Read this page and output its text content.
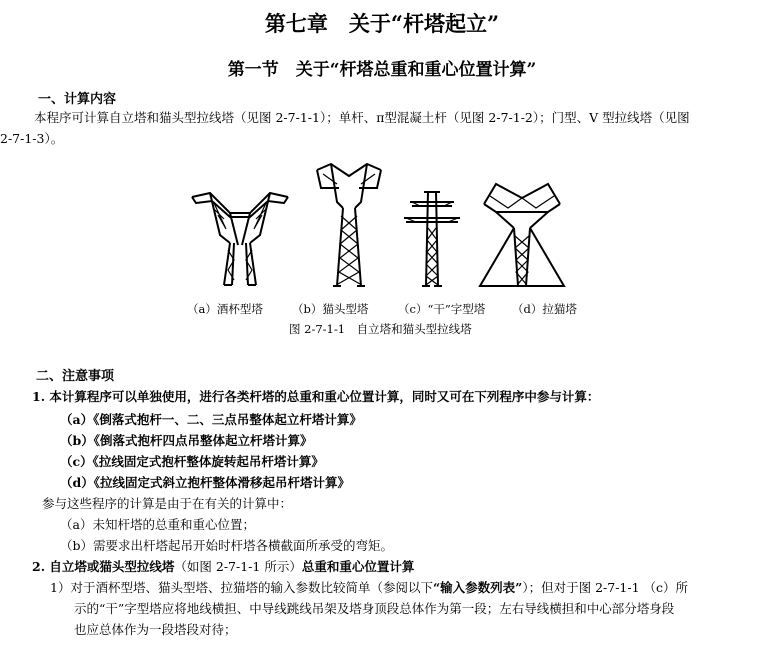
第七章　关于“杆塔起立”
第一节　关于“杆塔总重和重心位置计算”
一、计算内容
本程序可计算自立塔和猫头型拉线塔（见图 2-7-1-1）；单杆、π型混凝土杆（见图 2-7-1-2）；门型、V 型拉线塔（见图
2-7-1-3）。
（a）酒杯型塔	（b）猫头型塔	（c）“干”字型塔 （d）拉猫塔
图 2-7-1-1　自立塔和猫头型拉线塔
二、注意事项
1. 本计算程序可以单独使用，进行各类杆塔的总重和重心位置计算，同时又可在下列程序中参与计算：
（a）《倒落式抱杆一、二、三点吊整体起立杆塔计算》
（b）《倒落式抱杆四点吊整体起立杆塔计算》
（c）《拉线固定式抱杆整体旋转起吊杆塔计算》
（d）《拉线固定式斜立抱杆整体滑移起吊杆塔计算》
参与这些程序的计算是由于在有关的计算中：
（a）未知杆塔的总重和重心位置；
（b）需要求出杆塔起吊开始时杆塔各横截面所承受的弯矩。
2. 自立塔或猫头型拉线塔（如图 2-7-1-1 所示）总重和重心位置计算
1）对于酒杯型塔、猫头型塔、拉猫塔的输入参数比较简单（参阅以下“输入参数列表”）；但对于图 2-7-1-1 （c）所
示的“干”字型塔应将地线横担、中导线跳线吊架及塔身顶段总体作为第一段；左右导线横担和中心部分塔身段
也应总体作为一段塔段对待；
